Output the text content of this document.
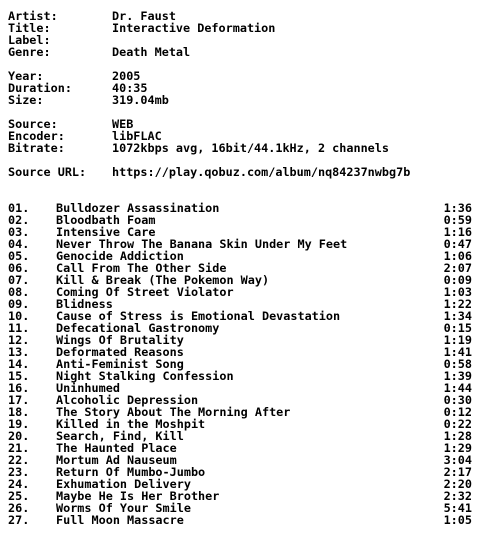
Artist:	Dr. Faust
Title:	Interactive Deformation
Label:
Genre:	Death Metal
Year:	2005
Duration:	40:35
Size:	319.04mb
Source:	WEB
Encoder:	libFLAC
Bitrate:	1072kbps avg, 16bit/44.1kHz, 2 channels
Source URL: https://play.qobuz.com/album/nq84237nwbg7b
01. Bulldozer Assassination	1:36
02. Bloodbath Foam	0:59
03. Intensive Care	1:16
04. Never Throw The Banana Skin Under My Feet	0:47
05. Genocide Addiction	1:06
06. Call From The Other Side	2:07
07. Kill & Break (The Pokemon Way)	0:09
08. Coming Of Street Violator	1:03
09. Blidness	1:22
10. Cause of Stress is Emotional Devastation	1:34
11. Defecational Gastronomy	0:15
12. Wings Of Brutality	1:19
13. Deformated Reasons	1:41
14. Anti-Feminist Song	0:58
15. Night Stalking Confession	1:39
16. Uninhumed	1:44
17. Alcoholic Depression	0:30
18. The Story About The Morning After	0:12
19. Killed in the Moshpit	0:22
20. Search, Find, Kill	1:28
21. The Haunted Place	1:29
22. Mortum Ad Nauseum	3:04
23. Return Of Mumbo-Jumbo	2:17
24. Exhumation Delivery	2:20
25. Maybe He Is Her Brother	2:32
26. Worms Of Your Smile	5:41
27. Full Moon Massacre	1:05
